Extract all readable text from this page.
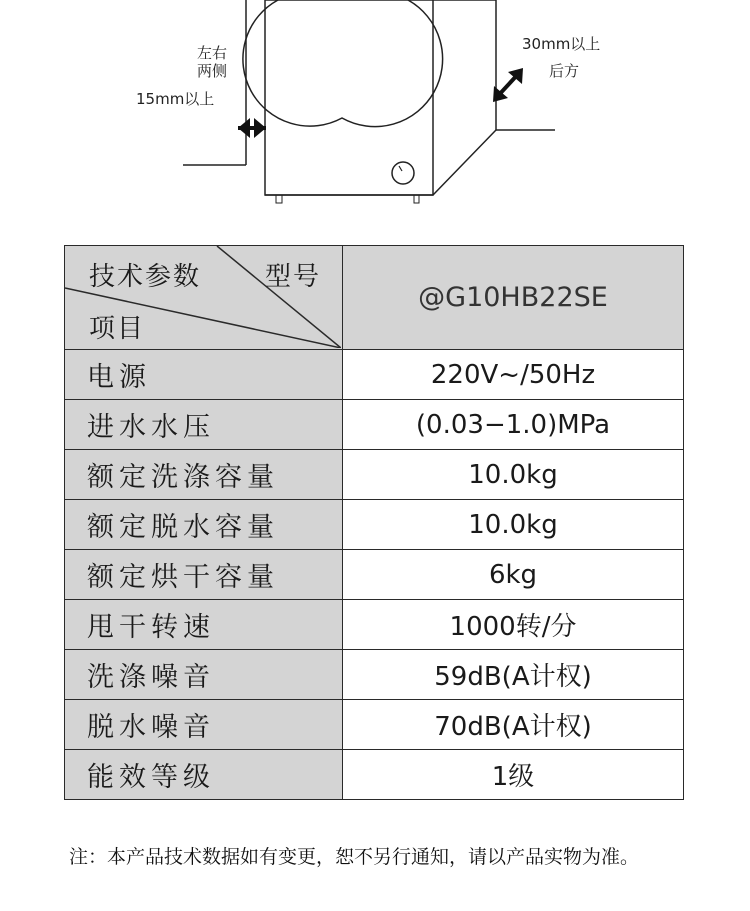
左右
两侧
15mm以上
30mm以上
后方
技术参数 型号
项目	@G10HB22SE
电源	220V~/50Hz
进水水压	(0.03−1.0)MPa
额定洗涤容量	10.0kg
额定脱水容量	10.0kg
额定烘干容量	6kg
甩干转速	1000转/分
洗涤噪音	59dB(A计权)
脱水噪音	70dB(A计权)
能效等级	1级
注：本产品技术数据如有变更，恕不另行通知，请以产品实物为准。
